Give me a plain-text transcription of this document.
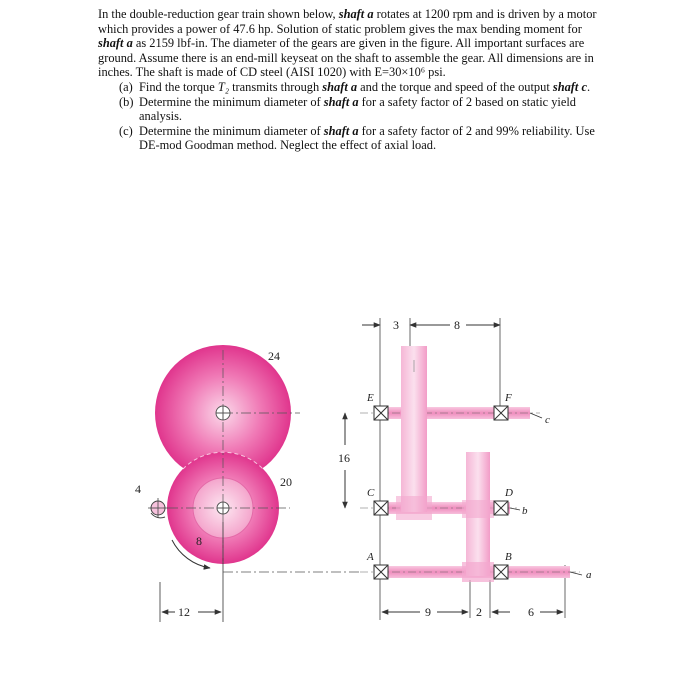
In the double-reduction gear train shown below, shaft a rotates at 1200 rpm and is driven by a motor which provides a power of 47.6 hp. Solution of static problem gives the max bending moment for shaft a as 2159 lbf-in. The diameter of the gears are given in the figure. All important surfaces are ground. Assume there is an end-mill keyseat on the shaft to assemble the gear. All dimensions are in inches. The shaft is made of CD steel (AISI 1020) with E=30×10⁶ psi.

(a) Find the torque T₂ transmits through shaft a and the torque and speed of the output shaft c.
(b) Determine the minimum diameter of shaft a for a safety factor of 2 based on static yield analysis.
(c) Determine the minimum diameter of shaft a for a safety factor of 2 and 99% reliability. Use DE-mod Goodman method. Neglect the effect of axial load.
24
20
8
4
12
16
E	F
C	D
A	B
c
b
a
3	8
9	2	6
